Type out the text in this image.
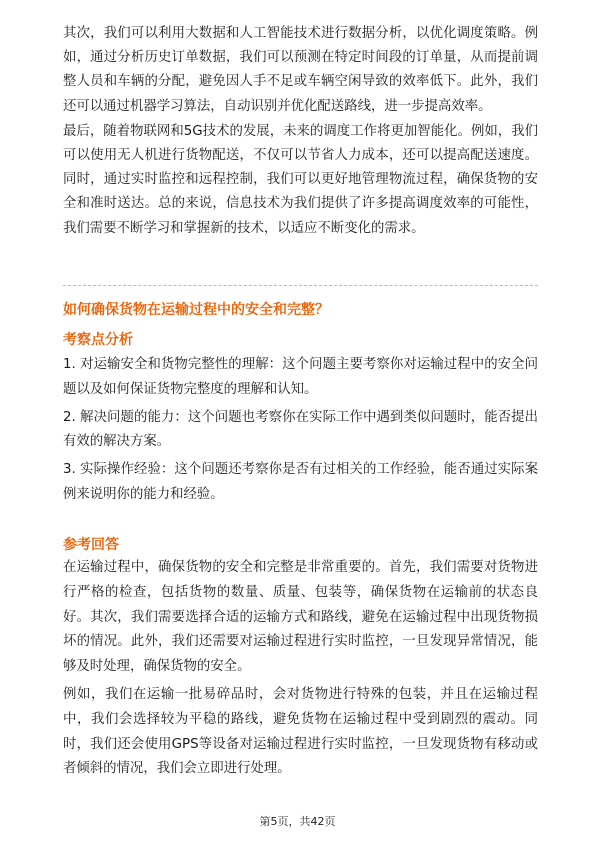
其次，我们可以利用大数据和人工智能技术进行数据分析，以优化调度策略。例如，通过分析历史订单数据，我们可以预测在特定时间段的订单量，从而提前调整人员和车辆的分配，避免因人手不足或车辆空闲导致的效率低下。此外，我们还可以通过机器学习算法，自动识别并优化配送路线，进一步提高效率。

最后，随着物联网和5G技术的发展，未来的调度工作将更加智能化。例如，我们可以使用无人机进行货物配送，不仅可以节省人力成本，还可以提高配送速度。同时，通过实时监控和远程控制，我们可以更好地管理物流过程，确保货物的安全和准时送达。总的来说，信息技术为我们提供了许多提高调度效率的可能性，我们需要不断学习和掌握新的技术，以适应不断变化的需求。

如何确保货物在运输过程中的安全和完整？
考察点分析

1. 对运输安全和货物完整性的理解：这个问题主要考察你对运输过程中的安全问题以及如何保证货物完整度的理解和认知。

2. 解决问题的能力：这个问题也考察你在实际工作中遇到类似问题时，能否提出有效的解决方案。

3. 实际操作经验：这个问题还考察你是否有过相关的工作经验，能否通过实际案例来说明你的能力和经验。

参考回答

在运输过程中，确保货物的安全和完整是非常重要的。首先，我们需要对货物进行严格的检查，包括货物的数量、质量、包装等，确保货物在运输前的状态良好。其次，我们需要选择合适的运输方式和路线，避免在运输过程中出现货物损坏的情况。此外，我们还需要对运输过程进行实时监控，一旦发现异常情况，能够及时处理，确保货物的安全。

例如，我们在运输一批易碎品时，会对货物进行特殊的包装，并且在运输过程中，我们会选择较为平稳的路线，避免货物在运输过程中受到剧烈的震动。同时，我们还会使用GPS等设备对运输过程进行实时监控，一旦发现货物有移动或者倾斜的情况，我们会立即进行处理。

第5页，共42页
